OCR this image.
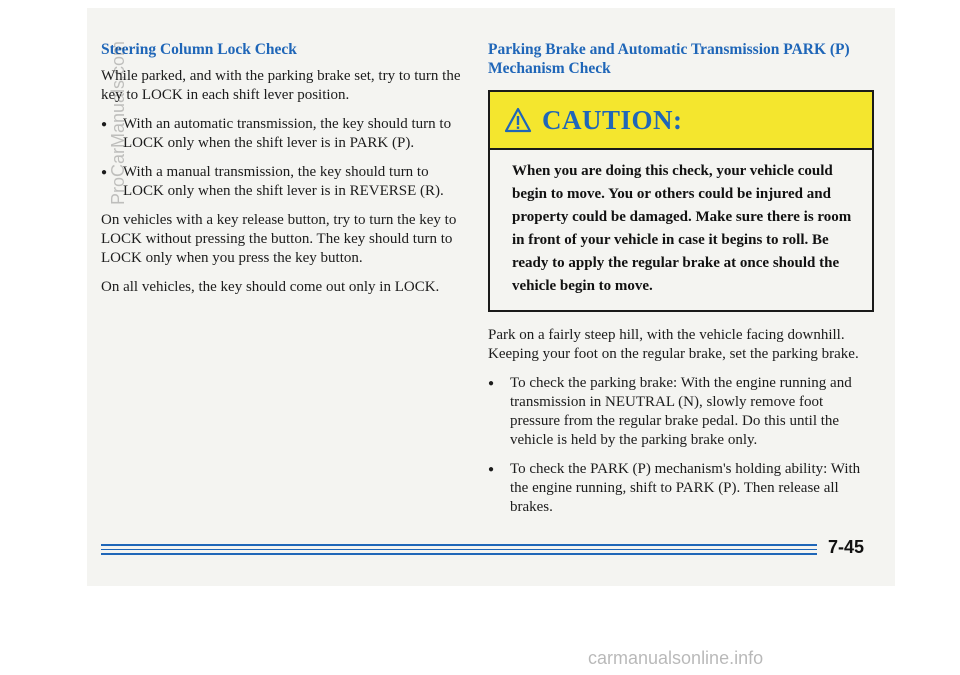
Steering Column Lock Check

While parked, and with the parking brake set, try to turn the key to LOCK in each shift lever position.

● With an automatic transmission, the key should turn to LOCK only when the shift lever is in PARK (P).
● With a manual transmission, the key should turn to LOCK only when the shift lever is in REVERSE (R).

On vehicles with a key release button, try to turn the key to LOCK without pressing the button. The key should turn to LOCK only when you press the key button.

On all vehicles, the key should come out only in LOCK.

Parking Brake and Automatic Transmission PARK (P) Mechanism Check
CAUTION:
When you are doing this check, your vehicle could begin to move. You or others could be injured and property could be damaged. Make sure there is room in front of your vehicle in case it begins to roll. Be ready to apply the regular brake at once should the vehicle begin to move.

Park on a fairly steep hill, with the vehicle facing downhill. Keeping your foot on the regular brake, set the parking brake.

● To check the parking brake: With the engine running and transmission in NEUTRAL (N), slowly remove foot pressure from the regular brake pedal. Do this until the vehicle is held by the parking brake only.
● To check the PARK (P) mechanism's holding ability: With the engine running, shift to PARK (P). Then release all brakes.
7-45
ProCarManuals.com
carmanualsonline.info
